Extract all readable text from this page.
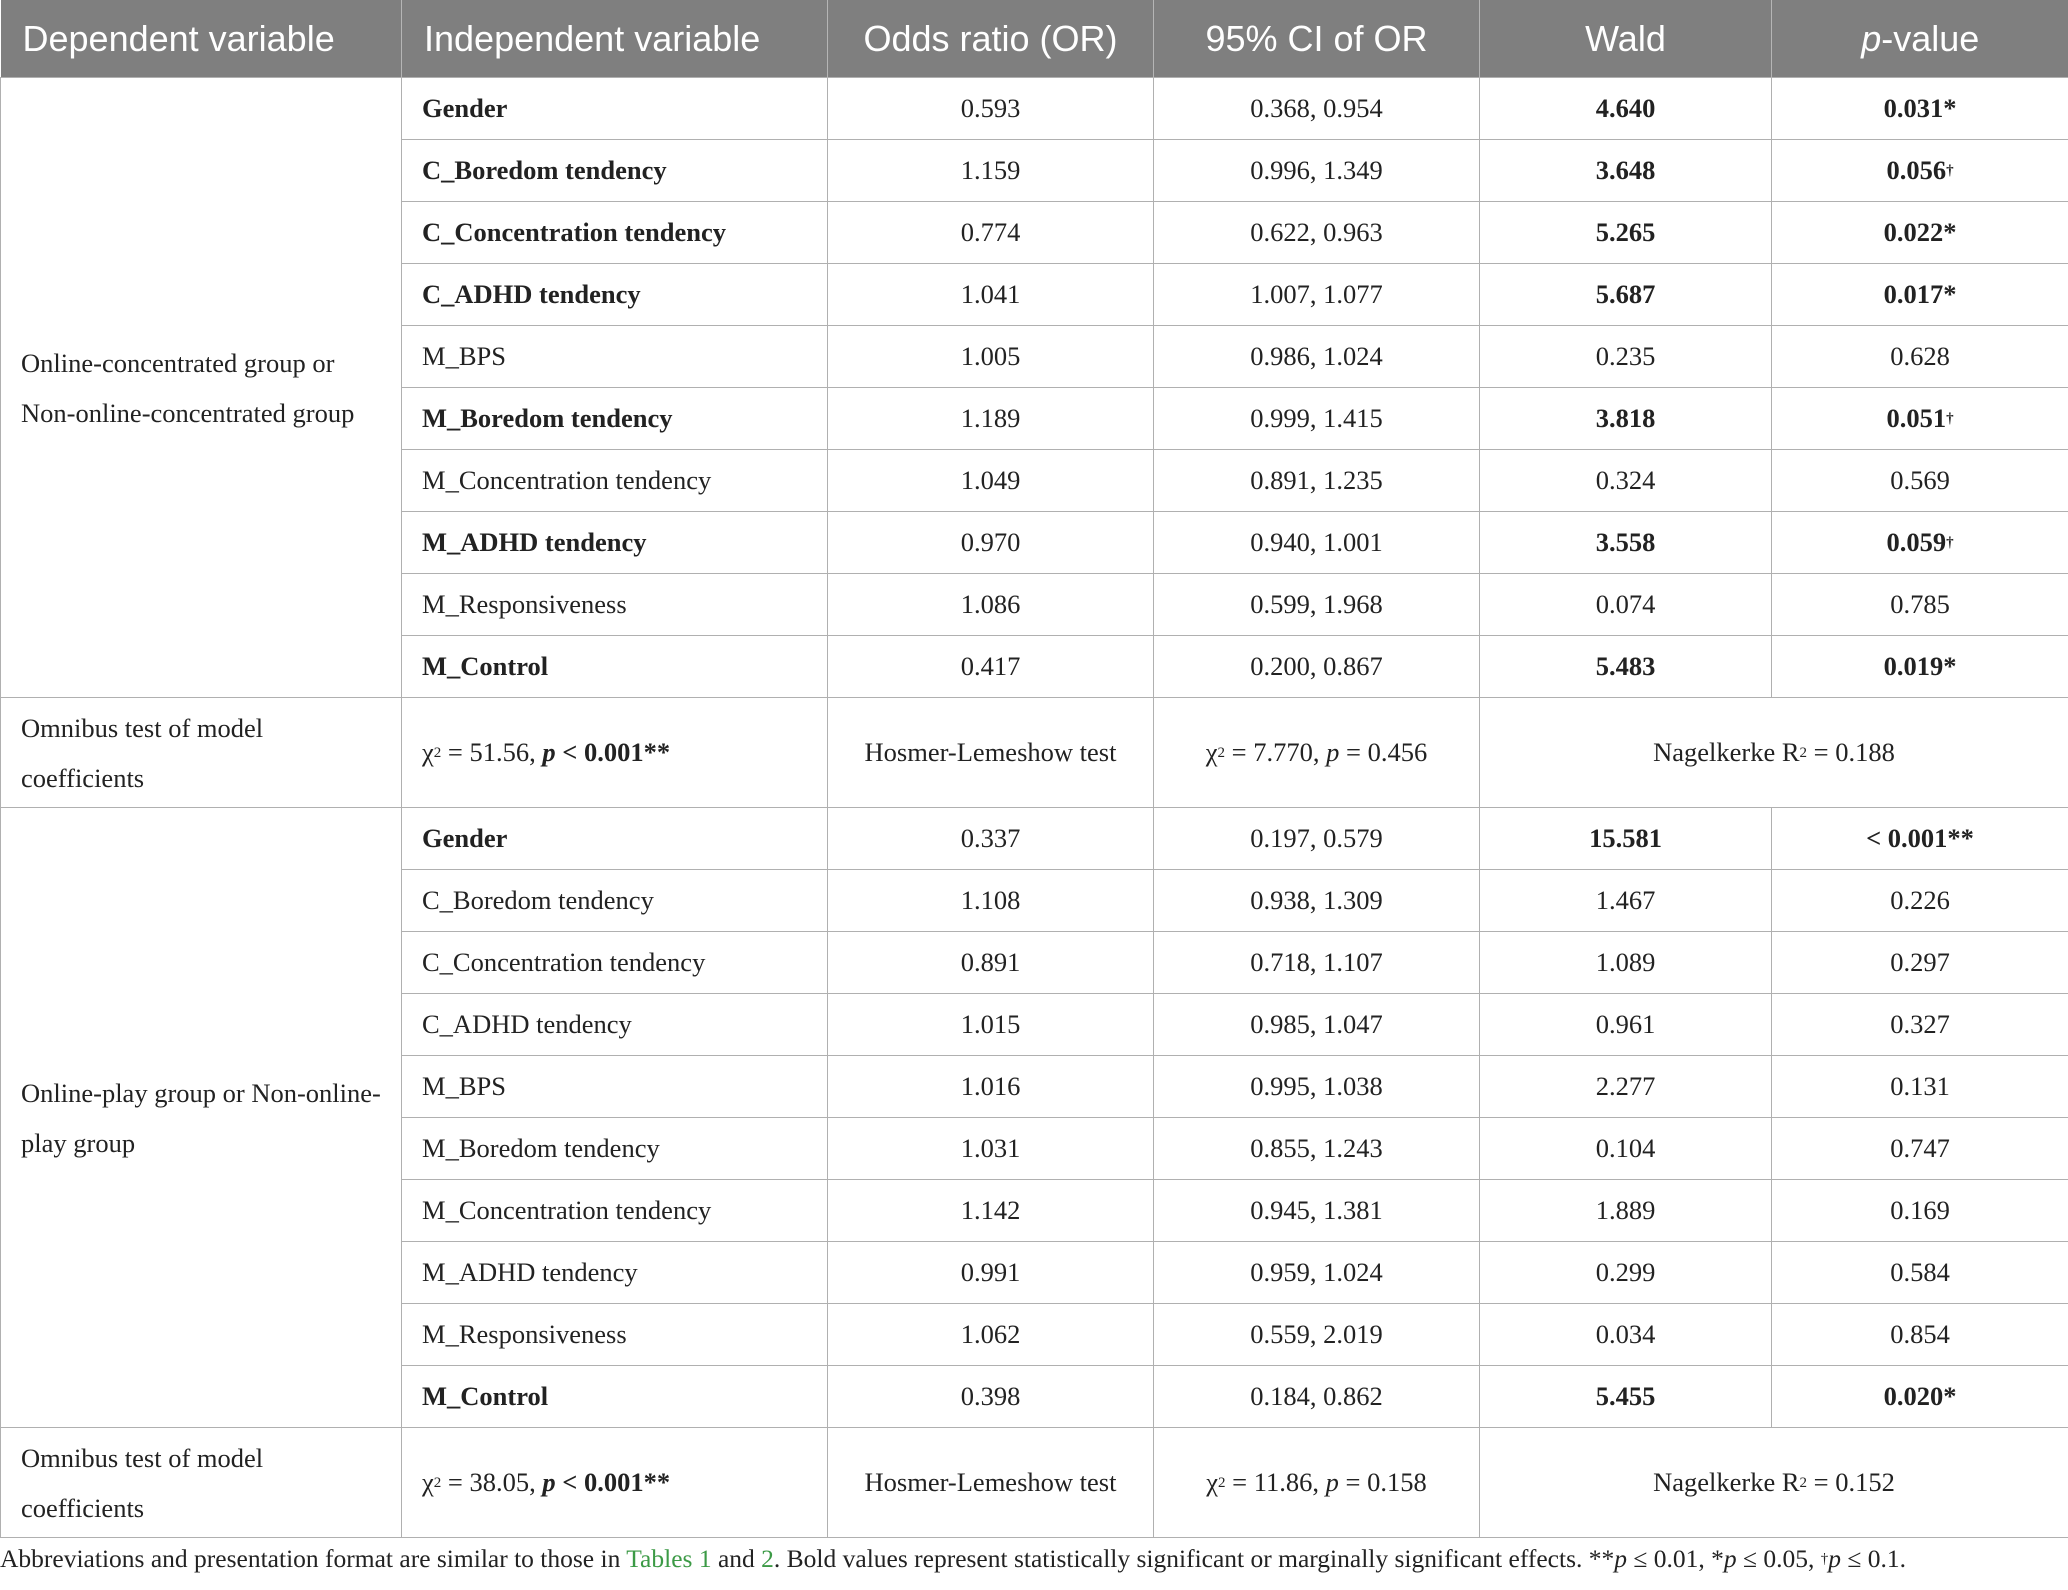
Dependent variable	Independent variable	Odds ratio (OR)	95% CI of OR	Wald	p-value
Online-concentrated group or Non-online-concentrated group	Gender	0.593	0.368, 0.954	4.640	0.031*
	C_Boredom tendency	1.159	0.996, 1.349	3.648	0.056†
	C_Concentration tendency	0.774	0.622, 0.963	5.265	0.022*
	C_ADHD tendency	1.041	1.007, 1.077	5.687	0.017*
	M_BPS	1.005	0.986, 1.024	0.235	0.628
	M_Boredom tendency	1.189	0.999, 1.415	3.818	0.051†
	M_Concentration tendency	1.049	0.891, 1.235	0.324	0.569
	M_ADHD tendency	0.970	0.940, 1.001	3.558	0.059†
	M_Responsiveness	1.086	0.599, 1.968	0.074	0.785
	M_Control	0.417	0.200, 0.867	5.483	0.019*
Omnibus test of model coefficients	$\chi^2 = 51.56$, p < 0.001**	Hosmer-Lemeshow test	$\chi^2 = 7.770$, p = 0.456	Nagelkerke $R^2 = 0.188$	
Online-play group or Non-online-play group	Gender	0.337	0.197, 0.579	15.581	< 0.001**
	C_Boredom tendency	1.108	0.938, 1.309	1.467	0.226
	C_Concentration tendency	0.891	0.718, 1.107	1.089	0.297
	C_ADHD tendency	1.015	0.985, 1.047	0.961	0.327
	M_BPS	1.016	0.995, 1.038	2.277	0.131
	M_Boredom tendency	1.031	0.855, 1.243	0.104	0.747
	M_Concentration tendency	1.142	0.945, 1.381	1.889	0.169
	M_ADHD tendency	0.991	0.959, 1.024	0.299	0.584
	M_Responsiveness	1.062	0.559, 2.019	0.034	0.854
	M_Control	0.398	0.184, 0.862	5.455	0.020*
Omnibus test of model coefficients	$\chi^2 = 38.05$, p < 0.001**	Hosmer-Lemeshow test	$\chi^2 = 11.86$, p = 0.158	Nagelkerke $R^2 = 0.152$	
Abbreviations and presentation format are similar to those in Tables 1 and 2. Bold values represent statistically significant or marginally significant effects. **p ≤ 0.01, *p ≤ 0.05, †p ≤ 0.1.
